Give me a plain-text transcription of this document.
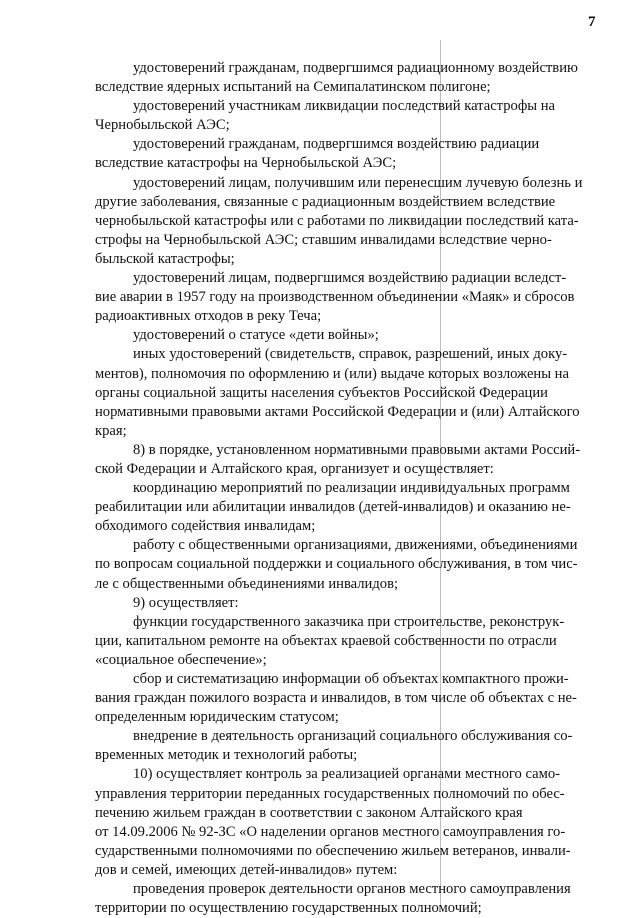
7

удостоверений гражданам, подвергшимся радиационному воздействию
вследствие ядерных испытаний на Семипалатинском полигоне;

удостоверений участникам ликвидации последствий катастрофы на
Чернобыльской АЭС;

удостоверений гражданам, подвергшимся воздействию радиации
вследствие катастрофы на Чернобыльской АЭС;

удостоверений лицам, получившим или перенесшим лучевую болезнь и
другие заболевания, связанные с радиационным воздействием вследствие
чернобыльской катастрофы или с работами по ликвидации последствий ката-
строфы на Чернобыльской АЭС; ставшим инвалидами вследствие черно-
быльской катастрофы;

удостоверений лицам, подвергшимся воздействию радиации вследст-
вие аварии в 1957 году на производственном объединении «Маяк» и сбросов
радиоактивных отходов в реку Теча;

удостоверений о статусе «дети войны»;

иных удостоверений (свидетельств, справок, разрешений, иных доку-
ментов), полномочия по оформлению и (или) выдаче которых возложены на
органы социальной защиты населения субъектов Российской Федерации
нормативными правовыми актами Российской Федерации и (или) Алтайского
края;

8) в порядке, установленном нормативными правовыми актами Россий-
ской Федерации и Алтайского края, организует и осуществляет:

координацию мероприятий по реализации индивидуальных программ
реабилитации или абилитации инвалидов (детей-инвалидов) и оказанию не-
обходимого содействия инвалидам;

работу с общественными организациями, движениями, объединениями
по вопросам социальной поддержки и социального обслуживания, в том чис-
ле с общественными объединениями инвалидов;

9) осуществляет:

функции государственного заказчика при строительстве, реконструк-
ции, капитальном ремонте на объектах краевой собственности по отрасли
«социальное обеспечение»;

сбор и систематизацию информации об объектах компактного прожи-
вания граждан пожилого возраста и инвалидов, в том числе об объектах с не-
определенным юридическим статусом;

внедрение в деятельность организаций социального обслуживания со-
временных методик и технологий работы;

10) осуществляет контроль за реализацией органами местного само-
управления территории переданных государственных полномочий по обес-
печению жильем граждан в соответствии с законом Алтайского края
от 14.09.2006 № 92-ЗС «О наделении органов местного самоуправления го-
сударственными полномочиями по обеспечению жильем ветеранов, инвали-
дов и семей, имеющих детей-инвалидов» путем:

проведения проверок деятельности органов местного самоуправления
территории по осуществлению государственных полномочий;
